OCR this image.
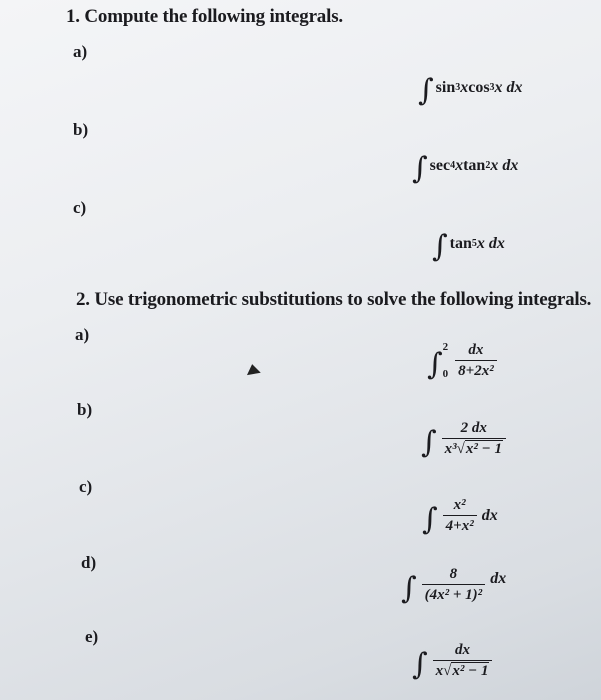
1. Compute the following integrals.
a)
∫ sin 3 x cos 3 x dx
b)
∫ sec 4 x tan 2 x dx
c)
∫ tan 5 x dx
2. Use trigonometric substitutions to solve the following integrals.
a)
∫ 2
$0 \frac{dx}{\text{8+2x²}}$
b)
∫ $\frac{2 dx}{\text{x³√x² − 1}}$
c)
∫ $\frac{\text{x²}}{\text{4+x²}}$ dx
d)
∫ $\frac{8}{\text{(4x² + 1)²}}$ dx
e)
∫ $\frac{dx}{\text{x√x² − 1}}$
